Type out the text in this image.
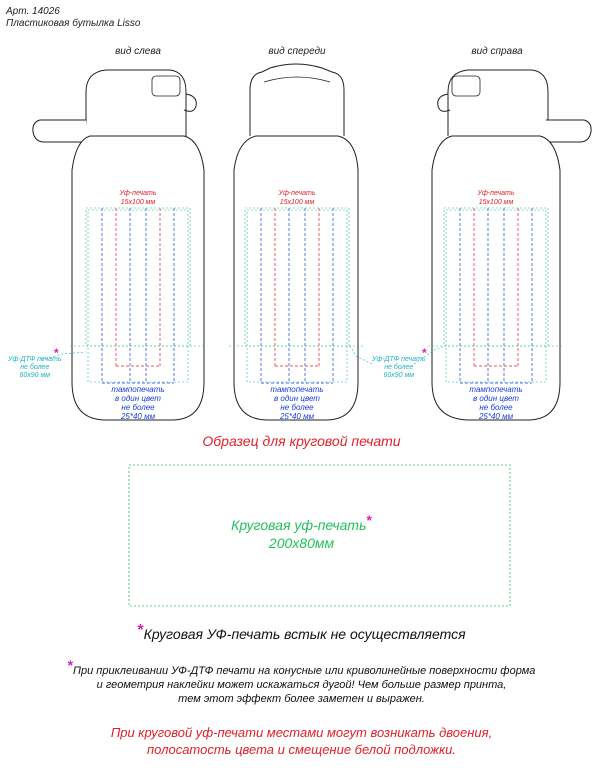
Арт. 14026
Пластиковая бутылка Lisso
вид слева	вид спереди	вид справа
Уф-печать
15x100 мм
Уф-печать
15x100 мм
Уф-печать
15x100 мм
тампопечать
в один цвет
не более
25*40 мм
тампопечать
в один цвет
не более
25*40 мм
тампопечать
в один цвет
не более
25*40 мм
Уф-ДТФ печать
не более
60x90 мм
*	Уф-ДТФ печать
не более
60x90 мм
*
Образец для круговой печати
Круговая уф-печать*
200x80мм
*Круговая УФ-печать встык не осуществляется
*При приклеивании УФ-ДТФ печати на конусные или криволинейные поверхности форма
и геометрия наклейки может искажаться дугой! Чем больше размер принта,
тем этот эффект более заметен и выражен.
При круговой уф-печати местами могут возникать двоения,
полосатость цвета и смещение белой подложки.
